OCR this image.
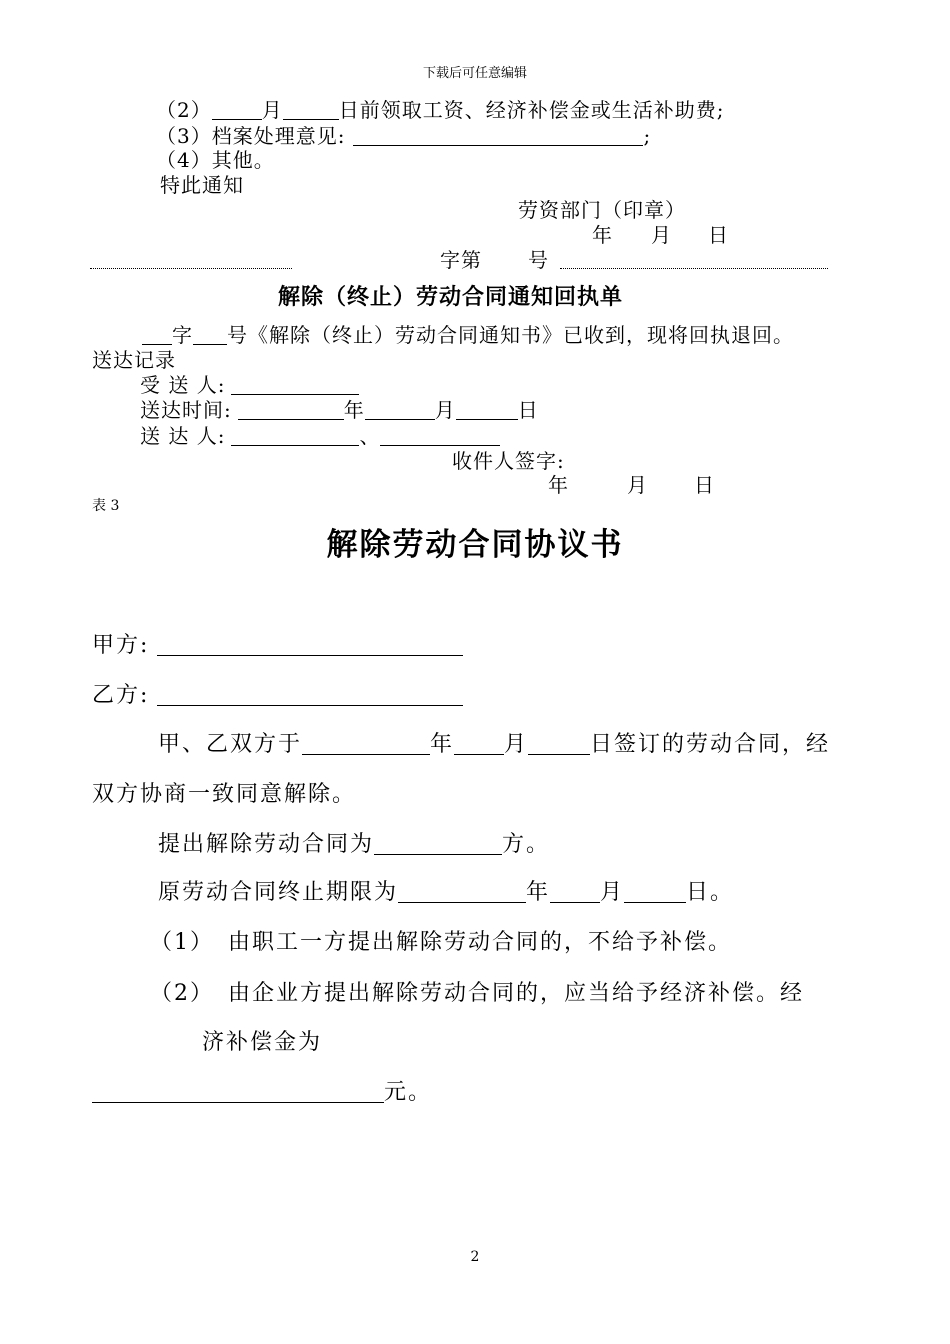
下载后可任意编辑
（2）	月	日前领取工资、经济补偿金或生活补助费;
（3）档案处理意见:	;
（4）其他。
特此通知
劳资部门（印章）
年 月 日
字第 号
解除（终止）劳动合同通知回执单
字 号《解除（终止）劳动合同通知书》已收到，现将回执退回。
送达记录
受 送 人:
送达时间:	年	月	日
送 达 人:	、
收件人签字:
年	月 日
表 3
解除劳动合同协议书
甲方:
乙方:
甲、乙双方于	年 月	日签订的劳动合同，经
双方协商一致同意解除。
提出解除劳动合同为	方。
原劳动合同终止期限为	年 月	日。
（1） 由职工一方提出解除劳动合同的，不给予补偿。
（2） 由企业方提出解除劳动合同的，应当给予经济补偿。经
济补偿金为
元。
2
